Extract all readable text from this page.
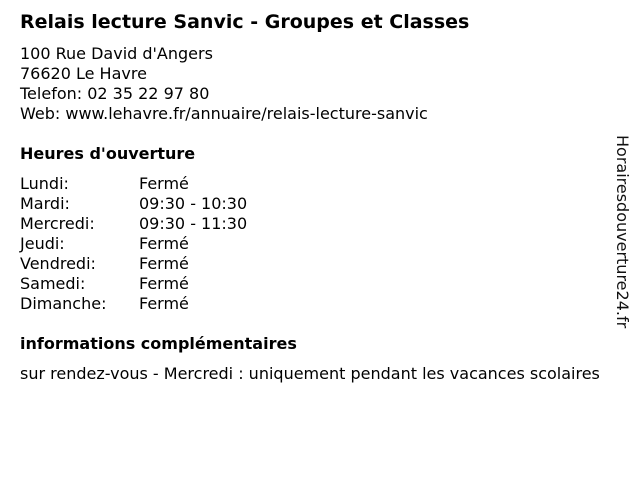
Relais lecture Sanvic - Groupes et Classes
100 Rue David d'Angers
76620 Le Havre
Telefon: 02 35 22 97 80
Web: www.lehavre.fr/annuaire/relais-lecture-sanvic
Heures d'ouverture
Lundi:	Fermé
Mardi:	09:30 - 10:30
Mercredi:	09:30 - 11:30
Jeudi:	Fermé
Vendredi:	Fermé
Samedi:	Fermé
Dimanche:	Fermé
informations complémentaires
sur rendez-vous - Mercredi : uniquement pendant les vacances scolaires
Horairesdouverture24.fr
